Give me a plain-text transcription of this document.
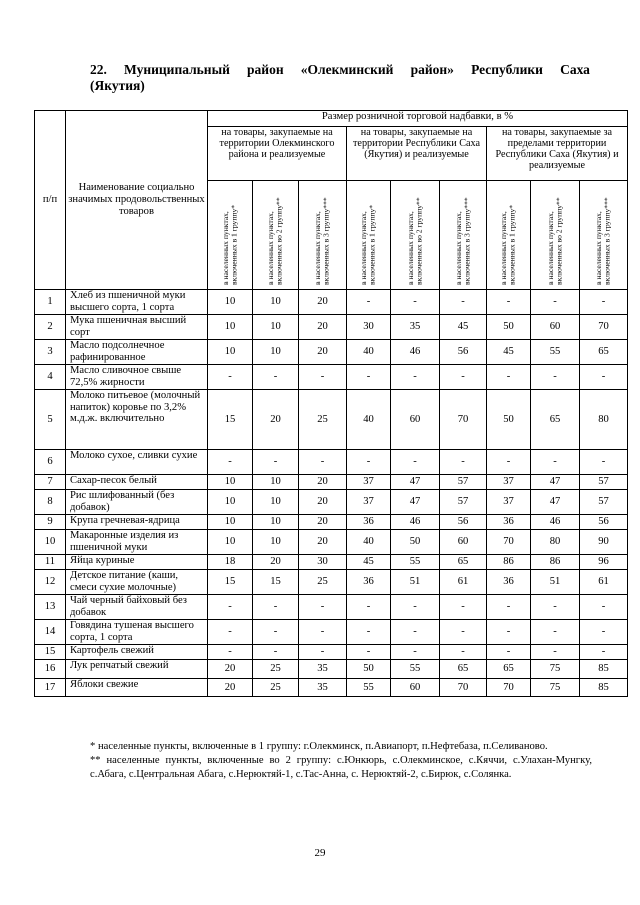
22. Муниципальный район «Олекминский район» Республики Саха
(Якутия)
п/п	Наименование социально значимых продовольственных товаров	Размер розничной торговой надбавки, в %								
		на товары, закупаемые на территории Олекминского района и реализуемые			на товары, закупаемые на территории Республики Саха (Якутия) и реализуемые			на товары, закупаемые за пределами территории Республики Саха (Якутия) и реализуемые		
		в населенных пунктах, включенных в 1 группу*	в населенных пунктах, включенных во 2 группу**	в населенных пунктах, включенных в 3 группу***	в населенных пунктах, включенных в 1 группу*	в населенных пунктах, включенных во 2 группу**	в населенных пунктах, включенных в 3 группу***	в населенных пунктах, включенных в 1 группу*	в населенных пунктах, включенных во 2 группу**	в населенных пунктах, включенных в 3 группу***
1	Хлеб из пшеничной муки высшего сорта, 1 сорта	10	10	20	-	-	-	-	-	-
2	Мука пшеничная высший сорт	10	10	20	30	35	45	50	60	70
3	Масло подсолнечное рафинированное	10	10	20	40	46	56	45	55	65
4	Масло сливочное свыше 72,5% жирности	-	-	-	-	-	-	-	-	-
5	Молоко питьевое (молочный напиток) коровье по 3,2% м.д.ж. включительно	15	20	25	40	60	70	50	65	80
6	Молоко сухое, сливки сухие	-	-	-	-	-	-	-	-	-
7	Сахар-песок белый	10	10	20	37	47	57	37	47	57
8	Рис шлифованный (без добавок)	10	10	20	37	47	57	37	47	57
9	Крупа гречневая-ядрица	10	10	20	36	46	56	36	46	56
10	Макаронные изделия из пшеничной муки	10	10	20	40	50	60	70	80	90
11	Яйца куриные	18	20	30	45	55	65	86	86	96
12	Детское питание (каши, смеси сухие молочные)	15	15	25	36	51	61	36	51	61
13	Чай черный байховый без добавок	-	-	-	-	-	-	-	-	-
14	Говядина тушеная высшего сорта, 1 сорта	-	-	-	-	-	-	-	-	-
15	Картофель свежий	-	-	-	-	-	-	-	-	-
16	Лук репчатый свежий	20	25	35	50	55	65	65	75	85
17	Яблоки свежие	20	25	35	55	60	70	70	75	85

* населенные пункты, включенные в 1 группу: г.Олекминск, п.Авиапорт, п.Нефтебаза, п.Селиваново.

** населенные пункты, включенные во 2 группу: с.Юнкюрь, с.Олекминское, с.Кяччи, с.Улахан-Мунгку, с.Абага, с.Центральная Абага, с.Нерюктяй-1, с.Тас-Анна, с. Нерюктяй-2, с.Бирюк, с.Солянка.

29
